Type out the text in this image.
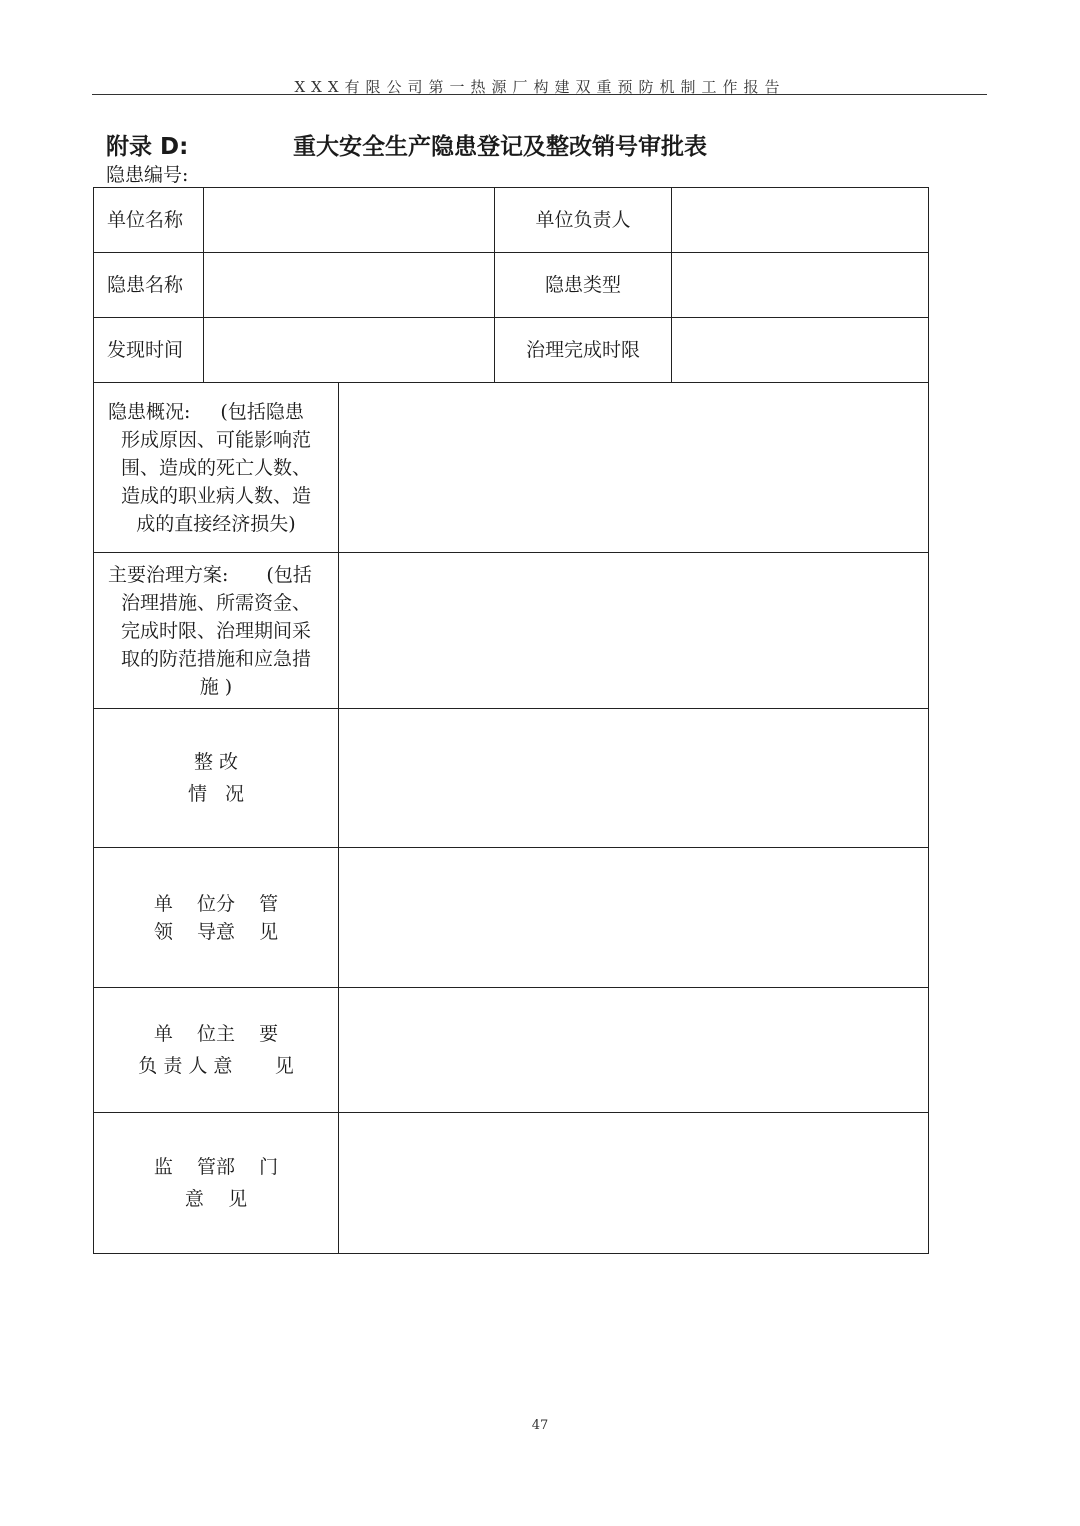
XXX有限公司第一热源厂构建双重预防机制工作报告
附录 D:	重大安全生产隐患登记及整改销号审批表
隐患编号:
单位名称			单位负责人	
隐患名称			隐患类型	
发现时间			治理完成时限	

隐患概况: (包括隐患
形成原因、可能影响范
围、造成的死亡人数、
造成的职业病人数、造
成的直接经济损失)				

主要治理方案: (包括
治理措施、所需资金、
完成时限、治理期间采
取的防范措施和应急措
施 )				

整 改
情   况				

单    位分    管
领    导意    见				

单    位主    要
负 责 人 意       见				

监    管部    门
意    见				

47
